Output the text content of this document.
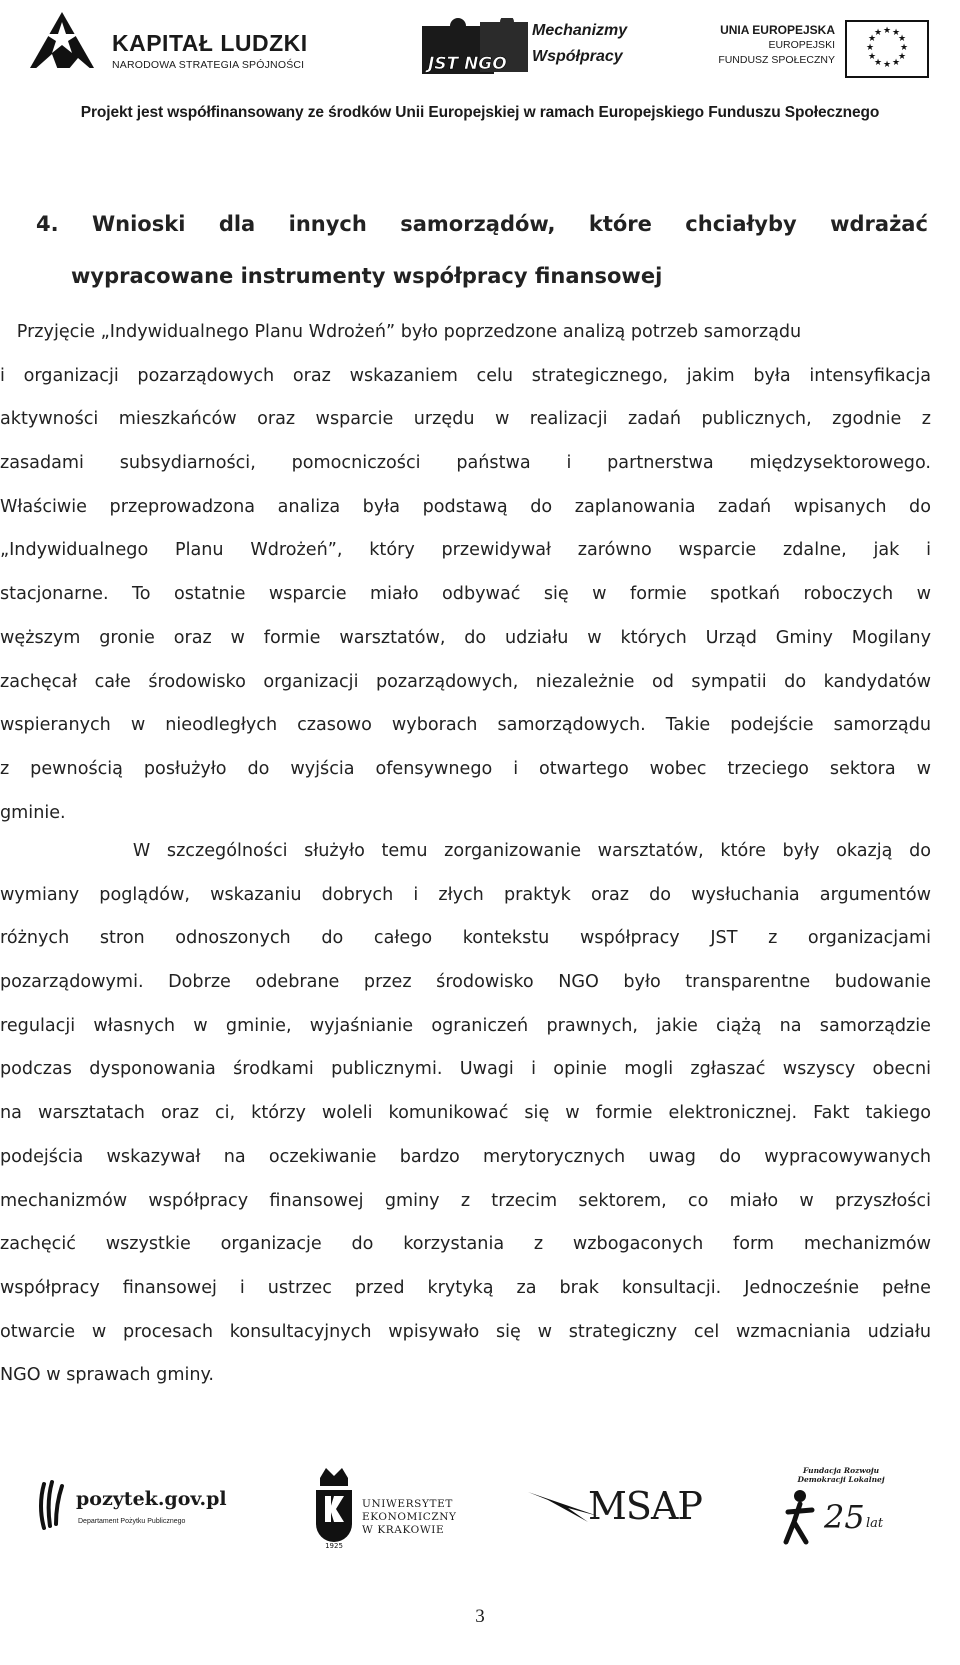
KAPITAŁ LUDZKI
NARODOWA STRATEGIA SPÓJNOŚCI	JST NGO
Mechanizmy
Współpracy
UNIA EUROPEJSKA
EUROPEJSKI
FUNDUSZ SPOŁECZNY
★ ★
★
★
★
★
★
★
★
★
★
★
Projekt jest współfinansowany ze środków Unii Europejskiej w ramach Europejskiego Funduszu Społecznego
4. Wnioski dla innych samorządów, które chciałyby wdrażać
wypracowane instrumenty współpracy finansowej
Przyjęcie „Indywidualnego Planu Wdrożeń” było poprzedzone analizą potrzeb samorządu
i organizacji pozarządowych oraz wskazaniem celu strategicznego, jakim była intensyfikacja
aktywności mieszkańców oraz wsparcie urzędu w realizacji zadań publicznych, zgodnie z
zasadami subsydiarności, pomocniczości państwa i partnerstwa międzysektorowego.
Właściwie przeprowadzona analiza była podstawą do zaplanowania zadań wpisanych do
„Indywidualnego Planu Wdrożeń”, który przewidywał zarówno wsparcie zdalne, jak i
stacjonarne. To ostatnie wsparcie miało odbywać się w formie spotkań roboczych w
węższym gronie oraz w formie warsztatów, do udziału w których Urząd Gminy Mogilany
zachęcał całe środowisko organizacji pozarządowych, niezależnie od sympatii do kandydatów
wspieranych w nieodległych czasowo wyborach samorządowych. Takie podejście samorządu
z pewnością posłużyło do wyjścia ofensywnego i otwartego wobec trzeciego sektora w
gminie.
W szczególności służyło temu zorganizowanie warsztatów, które były okazją do
wymiany poglądów, wskazaniu dobrych i złych praktyk oraz do wysłuchania argumentów
różnych stron odnoszonych do całego kontekstu współpracy JST z organizacjami
pozarządowymi. Dobrze odebrane przez środowisko NGO było transparentne budowanie
regulacji własnych w gminie, wyjaśnianie ograniczeń prawnych, jakie ciążą na samorządzie
podczas dysponowania środkami publicznymi. Uwagi i opinie mogli zgłaszać wszyscy obecni
na warsztatach oraz ci, którzy woleli komunikować się w formie elektronicznej. Fakt takiego
podejścia wskazywał na oczekiwanie bardzo merytorycznych uwag do wypracowywanych
mechanizmów współpracy finansowej gminy z trzecim sektorem, co miało w przyszłości
zachęcić wszystkie organizacje do korzystania z wzbogaconych form mechanizmów
współpracy finansowej i ustrzec przed krytyką za brak konsultacji. Jednocześnie pełne
otwarcie w procesach konsultacyjnych wpisywało się w strategiczny cel wzmacniania udziału
NGO w sprawach gminy.
pozytek.gov.pl
Departament Pożytku Publicznego
1925
UNIWERSYTET
EKONOMICZNY
W KRAKOWIE
MSAP
Fundacja Rozwoju
Demokracji Lokalnej
25 lat
3
